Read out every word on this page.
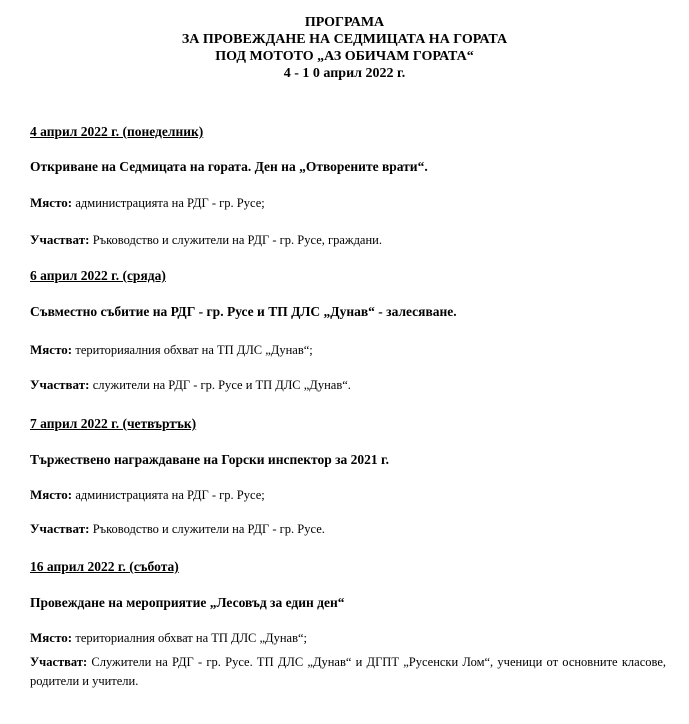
ПРОГРАМА
ЗА ПРОВЕЖДАНЕ НА СЕДМИЦАТА НА ГОРАТА
ПОД МОТОТО „АЗ ОБИЧАМ ГОРАТА“
4 - 1 0 април 2022 г.
4 април 2022 г. (понеделник)
Откриване на Седмицата на гората. Ден на „Отворените врати“.
Място: администрацията на РДГ - гр. Русе;
Участват: Ръководство и служители на РДГ - гр. Русе, граждани.
6 април 2022 г. (сряда)
Съвместно събитие на РДГ - гр. Русе и ТП ДЛС „Дунав“ - залесяване.
Място: територияалния обхват на ТП ДЛС „Дунав“;
Участват: служители на РДГ - гр. Русе и ТП ДЛС „Дунав“.
7 април 2022 г. (четвъртък)
Тържествено награждаване на Горски инспектор за 2021 г.
Място: администрацията на РДГ - гр. Русе;
Участват: Ръководство и служители на РДГ - гр. Русе.
16 април 2022 г. (събота)
Провеждане на мероприятие „Лесовъд за един ден“
Място: териториалния обхват на ТП ДЛС „Дунав“;
Участват: Служители на РДГ - гр. Русе. ТП ДЛС „Дунав“ и ДГПТ „Русенски Лом“, ученици от основните класове, родители и учители.
